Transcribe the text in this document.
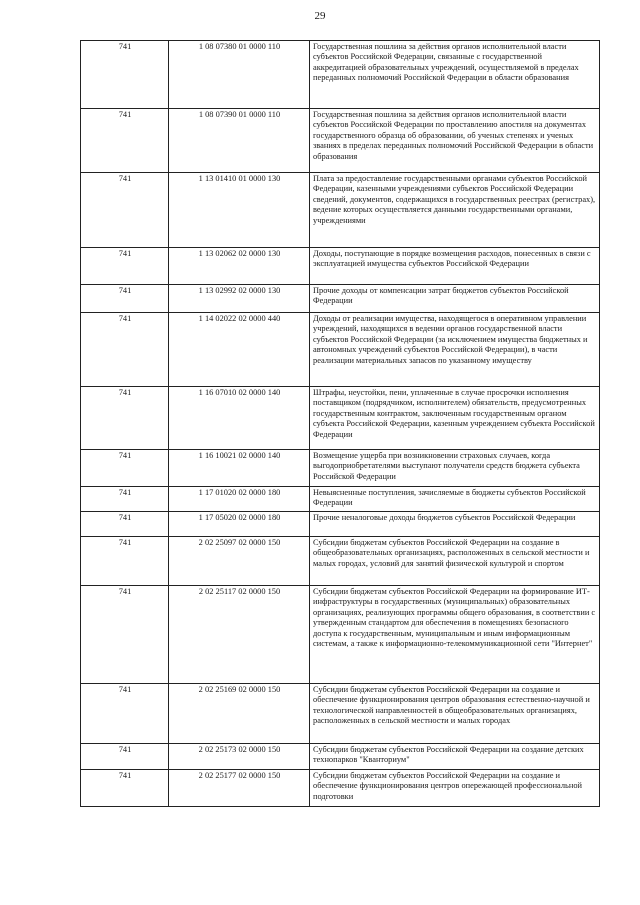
29
741	1 08 07380 01 0000 110	Государственная пошлина за действия органов исполнительной власти субъектов Российской Федерации, связанные с государственной аккредитацией образовательных учреждений, осуществляемой в пределах переданных полномочий Российской Федерации в области образования
741	1 08 07390 01 0000 110	Государственная пошлина за действия органов исполнительной власти субъектов Российской Федерации по проставлению апостиля на документах государственного образца об образовании, об ученых степенях и ученых званиях в пределах переданных полномочий Российской Федерации в области образования
741	1 13 01410 01 0000 130	Плата за предоставление государственными органами субъектов Российской Федерации, казенными учреждениями субъектов Российской Федерации сведений, документов, содержащихся в государственных реестрах (регистрах), ведение которых осуществляется данными государственными органами, учреждениями
741	1 13 02062 02 0000 130	Доходы, поступающие в порядке возмещения расходов, понесенных в связи с эксплуатацией имущества субъектов Российской Федерации
741	1 13 02992 02 0000 130	Прочие доходы от компенсации затрат бюджетов субъектов Российской Федерации
741	1 14 02022 02 0000 440	Доходы от реализации имущества, находящегося в оперативном управлении учреждений, находящихся в ведении органов государственной власти субъектов Российской Федерации (за исключением имущества бюджетных и автономных учреждений субъектов Российской Федерации), в части реализации материальных запасов по указанному имуществу
741	1 16 07010 02 0000 140	Штрафы, неустойки, пени, уплаченные в случае просрочки исполнения поставщиком (подрядчиком, исполнителем) обязательств, предусмотренных государственным контрактом, заключенным государственным органом субъекта Российской Федерации, казенным учреждением субъекта Российской Федерации
741	1 16 10021 02 0000 140	Возмещение ущерба при возникновении страховых случаев, когда выгодоприобретателями выступают получатели средств бюджета субъекта Российской Федерации
741	1 17 01020 02 0000 180	Невыясненные поступления, зачисляемые в бюджеты субъектов Российской Федерации
741	1 17 05020 02 0000 180	Прочие неналоговые доходы бюджетов субъектов Российской Федерации
741	2 02 25097 02 0000 150	Субсидии бюджетам субъектов Российской Федерации на создание в общеобразовательных организациях, расположенных в сельской местности и малых городах, условий для занятий физической культурой и спортом
741	2 02 25117 02 0000 150	Субсидии бюджетам субъектов Российской Федерации на формирование ИТ-инфраструктуры в государственных (муниципальных) образовательных организациях, реализующих программы общего образования, в соответствии с утвержденным стандартом для обеспечения в помещениях безопасного доступа к государственным, муниципальным и иным информационным системам, а также к информационно-телекоммуникационной сети "Интернет"
741	2 02 25169 02 0000 150	Субсидии бюджетам субъектов Российской Федерации на создание и обеспечение функционирования центров образования естественно-научной и технологической направленностей в общеобразовательных организациях, расположенных в сельской местности и малых городах
741	2 02 25173 02 0000 150	Субсидии бюджетам субъектов Российской Федерации на создание детских технопарков "Кванториум"
741	2 02 25177 02 0000 150	Субсидии бюджетам субъектов Российской Федерации на создание и обеспечение функционирования центров опережающей профессиональной подготовки
